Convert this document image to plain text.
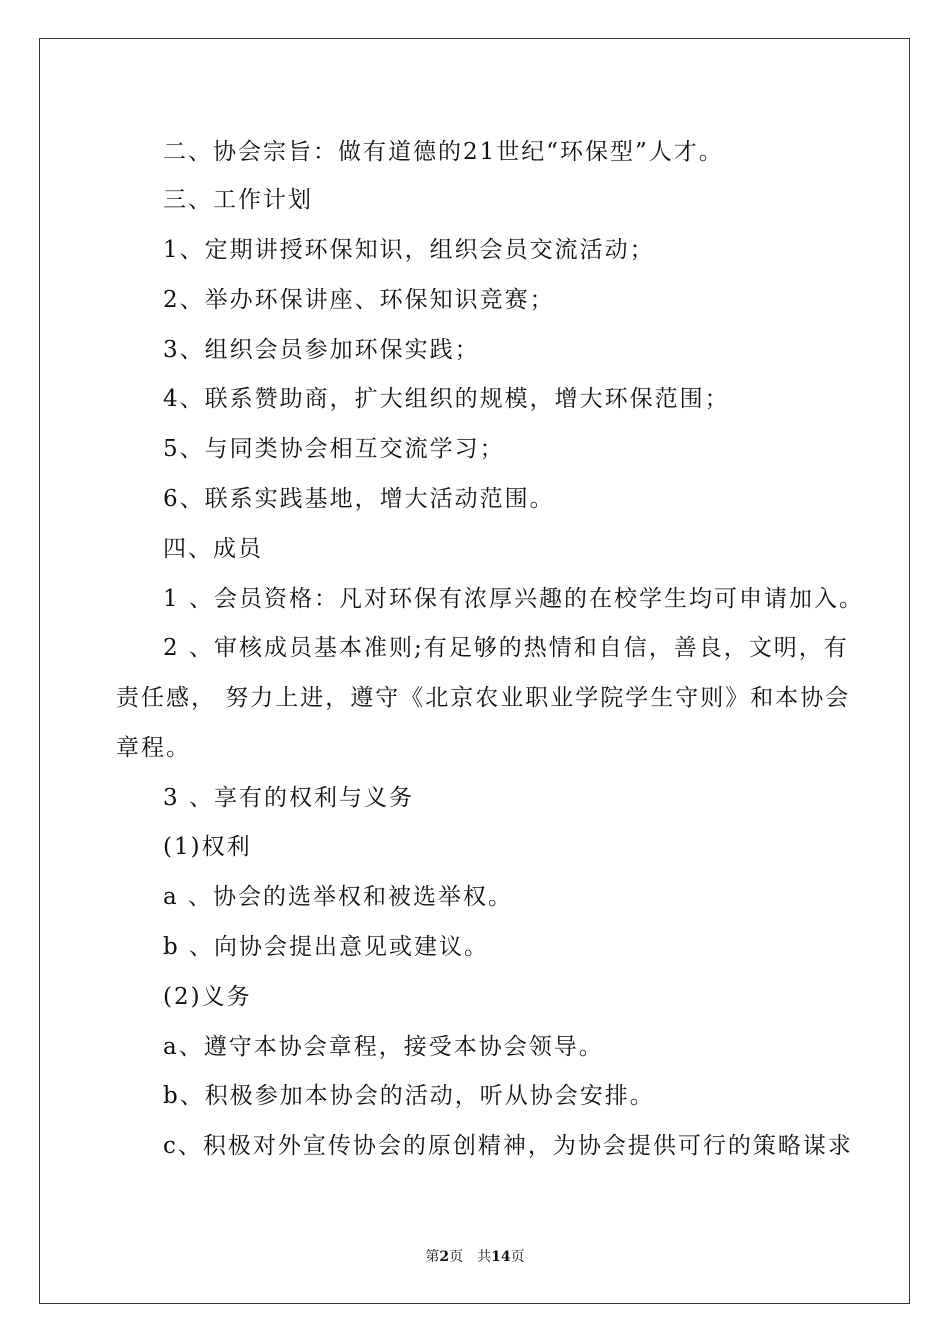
二、协会宗旨：做有道德的21世纪“环保型”人才。
三、工作计划
1、定期讲授环保知识，组织会员交流活动；
2、举办环保讲座、环保知识竞赛；
3、组织会员参加环保实践；
4、联系赞助商，扩大组织的规模，增大环保范围；
5、与同类协会相互交流学习；
6、联系实践基地，增大活动范围。
四、成员
1 、会员资格：凡对环保有浓厚兴趣的在校学生均可申请加入。
2 、审核成员基本准则;有足够的热情和自信，善良，文明，有
责任感， 努力上进，遵守《北京农业职业学院学生守则》和本协会
章程。
3 、享有的权利与义务
(1)权利
a 、协会的选举权和被选举权。
b 、向协会提出意见或建议。
(2)义务
a、遵守本协会章程，接受本协会领导。
b、积极参加本协会的活动，听从协会安排。
c、积极对外宣传协会的原创精神，为协会提供可行的策略谋求
第2页　共14页
